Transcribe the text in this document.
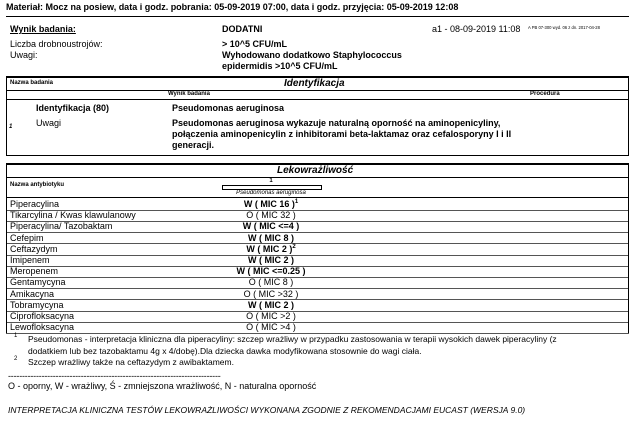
Materiał: Mocz na posiew, data i godz. pobrania: 05-09-2019 07:00, data i godz. przyjęcia: 05-09-2019 12:08
Wynik badania:	DODATNI	a1 - 08-09-2019 11:08 A PB 07-300 wyd. 06 z dn. 2017-04-28
Liczba drobnoustrojów:	> 10^5 CFU/mL
Uwagi:	Wyhodowano dodatkowo Staphylococcus
epidermidis >10^5 CFU/mL
Nazwa badania	Identyfikacja
Wynik badania	Procedura
1
Identyfikacja (80)	Pseudomonas aeruginosa
Uwagi	Pseudomonas aeruginosa wykazuje naturalną oporność na aminopenicyliny,
połączenia aminopenicylin z inhibitorami beta-laktamaz oraz cefalosporyny I i II
generacji.
Lekowrażliwość
Nazwa antybiotyku
1
Pseudomonas aeruginosa
Piperacylina	W ( MIC 16 )$^1$
Tikarcylina / Kwas klawulanowy	O ( MIC 32 )
Piperacylina/ Tazobaktam	W ( MIC <=4 )
Cefepim	W ( MIC 8 )
Ceftazydym	W ( MIC 2 )$^2$
Imipenem	W ( MIC 2 )
Meropenem	W ( MIC <=0.25 )
Gentamycyna	O ( MIC 8 )
Amikacyna	O ( MIC >32 )
Tobramycyna	W ( MIC 2 )
Ciprofloksacyna	O ( MIC >2 )
Lewofloksacyna	O ( MIC >4 )
1 Pseudomonas - interpretacja kliniczna dla piperacyliny: szczep wrażliwy w przypadku zastosowania w terapii wysokich dawek piperacyliny (z
dodatkiem lub bez tazobaktamu 4g x 4/dobę).Dla dziecka dawka modyfikowana stosownie do wagi ciała.
2 Szczep wrażliwy także na ceftazydym z awibaktamem.
----------------------------------------------------------------------------
O - oporny, W - wrażliwy, Ś - zmniejszona wrażliwość, N - naturalna oporność
INTERPRETACJA KLINICZNA TESTÓW LEKOWRAŻLIWOŚCI WYKONANA ZGODNIE Z REKOMENDACJAMI EUCAST (WERSJA 9.0)
